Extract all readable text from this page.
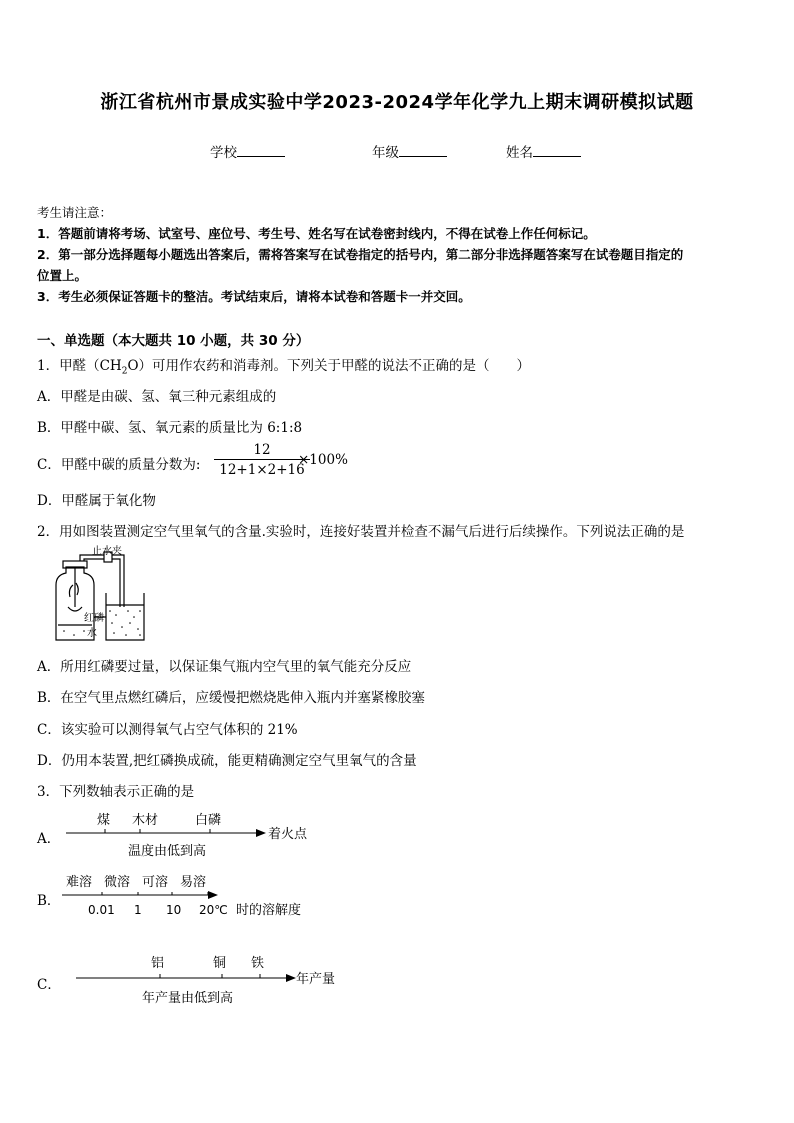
浙江省杭州市景成实验中学2023-2024学年化学九上期末调研模拟试题
学校	年级	姓名
考生请注意：
1．答题前请将考场、试室号、座位号、考生号、姓名写在试卷密封线内，不得在试卷上作任何标记。
2．第一部分选择题每小题选出答案后，需将答案写在试卷指定的括号内，第二部分非选择题答案写在试卷题目指定的
位置上。
3．考生必须保证答题卡的整洁。考试结束后，请将本试卷和答题卡一并交回。
一、单选题（本大题共 10 小题，共 30 分）
1．甲醛$(CH_2O)$可用作农药和消毒剂。下列关于甲醛的说法不正确的是（　　）
A．甲醛是由碳、氢、氧三种元素组成的
B．甲醛中碳、氢、氧元素的质量比为 6:1:8
C．甲醛中碳的质量分数为:
12
12+1×2+16
×100%
D．甲醛属于氧化物
2．用如图装置测定空气里氧气的含量.实验时，连接好装置并检查不漏气后进行后续操作。下列说法正确的是
止水夹
红磷
水
A．所用红磷要过量，以保证集气瓶内空气里的氧气能充分反应
B．在空气里点燃红磷后，应缓慢把燃烧匙伸入瓶内并塞紧橡胶塞
C．该实验可以测得氧气占空气体积的 21%
D．仍用本装置,把红磷换成硫，能更精确测定空气里氧气的含量
3．下列数轴表示正确的是
A．
煤 木材	白磷
温度由低到高
着火点
B．
难溶 微溶 可溶 易溶
0.01 1 10 20℃ 时的溶解度
C．
铝	铜 铁
年产量由低到高
年产量
